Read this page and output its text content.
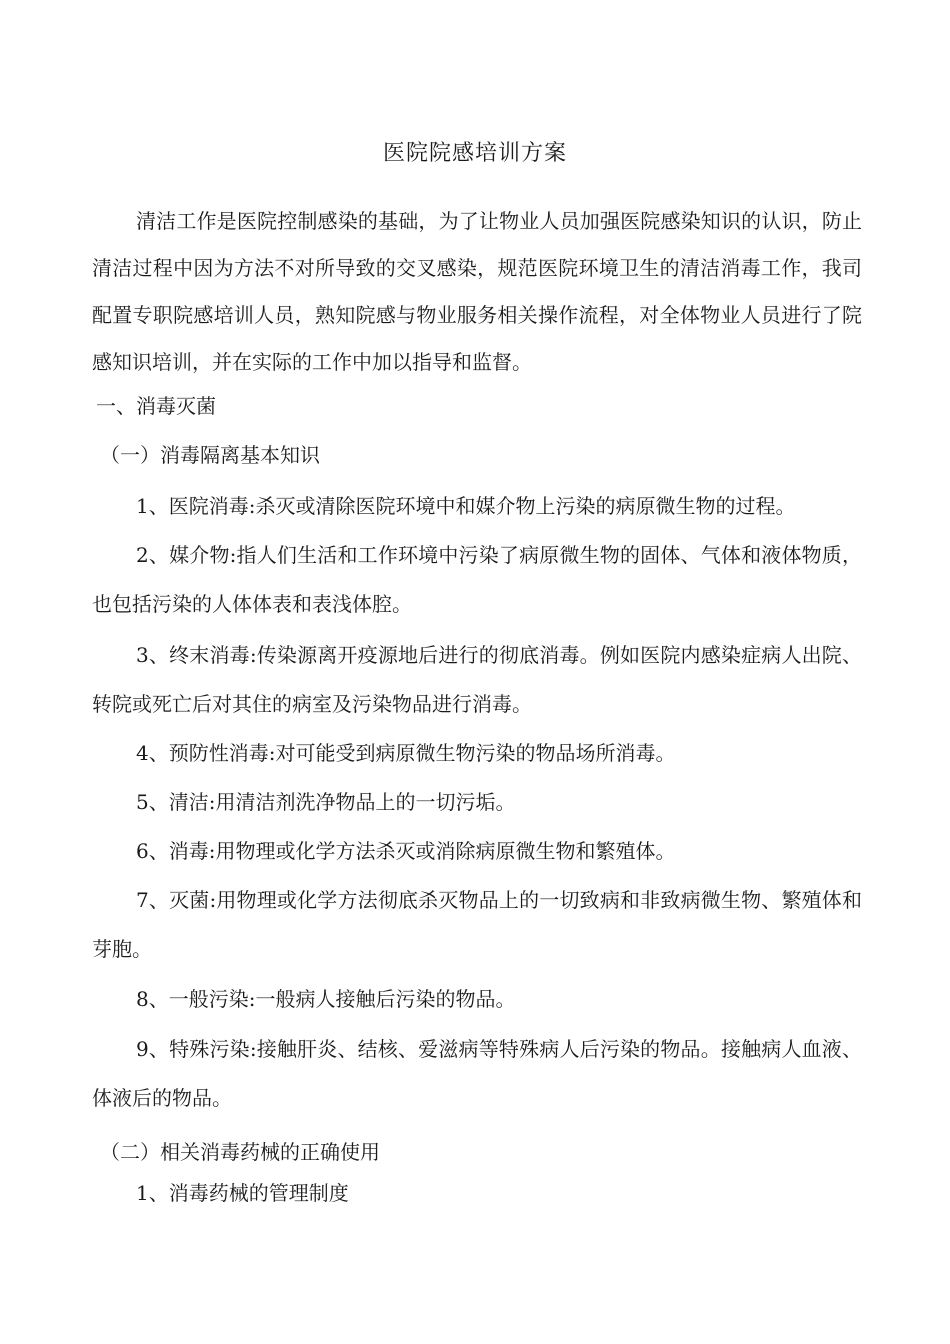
医院院感培训方案

清洁工作是医院控制感染的基础，为了让物业人员加强医院感染知识的认识，防止清洁过程中因为方法不对所导致的交叉感染，规范医院环境卫生的清洁消毒工作，我司配置专职院感培训人员，熟知院感与物业服务相关操作流程，对全体物业人员进行了院感知识培训，并在实际的工作中加以指导和监督。

一、消毒灭菌

（一）消毒隔离基本知识

1、医院消毒:杀灭或清除医院环境中和媒介物上污染的病原微生物的过程。

2、媒介物:指人们生活和工作环境中污染了病原微生物的固体、气体和液体物质，也包括污染的人体体表和表浅体腔。

3、终末消毒:传染源离开疫源地后进行的彻底消毒。例如医院内感染症病人出院、转院或死亡后对其住的病室及污染物品进行消毒。

4、预防性消毒:对可能受到病原微生物污染的物品场所消毒。

5、清洁:用清洁剂洗净物品上的一切污垢。

6、消毒:用物理或化学方法杀灭或消除病原微生物和繁殖体。

7、灭菌:用物理或化学方法彻底杀灭物品上的一切致病和非致病微生物、繁殖体和芽胞。

8、一般污染:一般病人接触后污染的物品。

9、特殊污染:接触肝炎、结核、爱滋病等特殊病人后污染的物品。接触病人血液、体液后的物品。

（二）相关消毒药械的正确使用

1、消毒药械的管理制度
